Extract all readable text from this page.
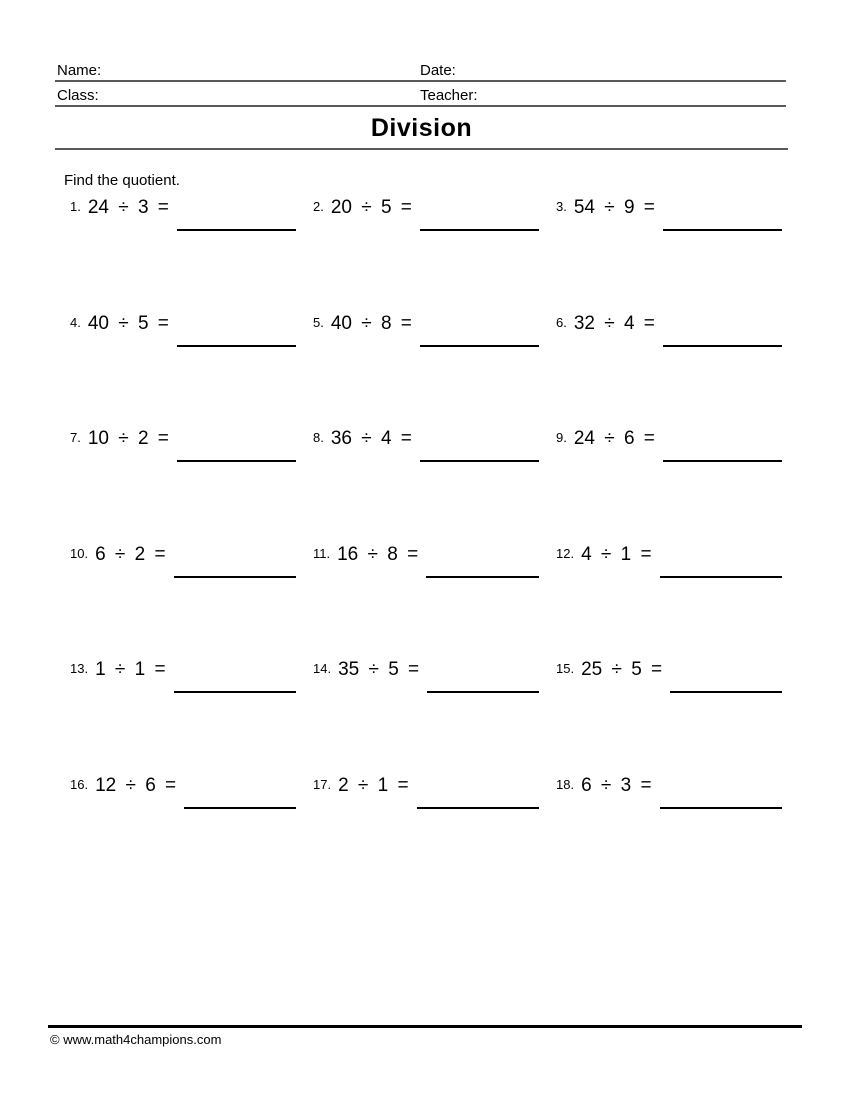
Name:	Date:
Class:	Teacher:
Division
Find the quotient.
1. 24 ÷ 3 =	2. 20 ÷ 5 =	3. 54 ÷ 9 =
4. 40 ÷ 5 =	5. 40 ÷ 8 =	6. 32 ÷ 4 =
7. 10 ÷ 2 =	8. 36 ÷ 4 =	9. 24 ÷ 6 =
10. 6 ÷ 2 =	11. 16 ÷ 8 =	12. 4 ÷ 1 =
13. 1 ÷ 1 =	14. 35 ÷ 5 =	15. 25 ÷ 5 =
16. 12 ÷ 6 =	17. 2 ÷ 1 =	18. 6 ÷ 3 =
© www.math4champions.com
